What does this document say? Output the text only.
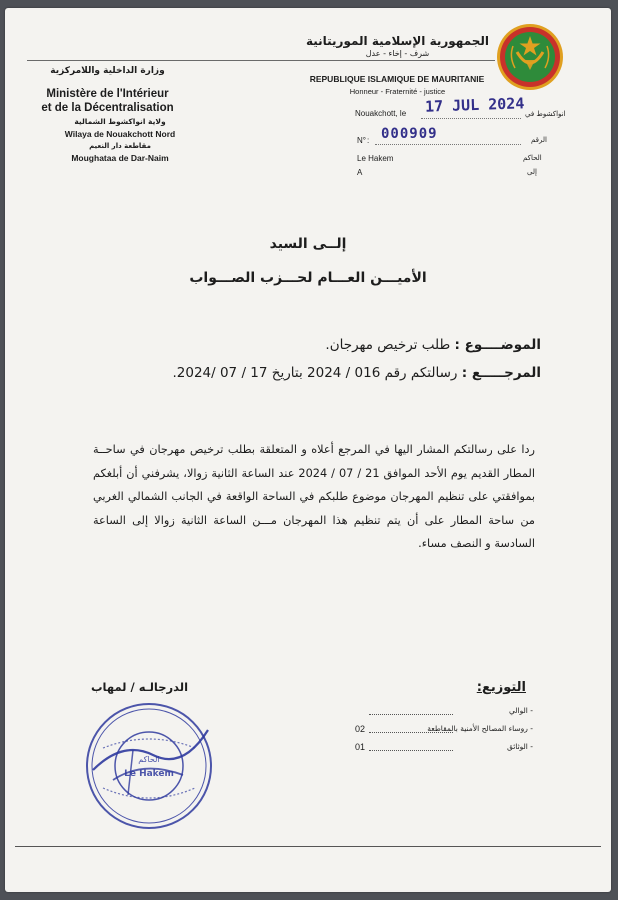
وزارة الداخلية واللامركزية
Ministère de l'Intérieur
et de la Décentralisation
ولاية انواكشوط الشمالية
Wilaya de Nouakchott Nord
مقاطعة دار النعيم
Moughataa de Dar-Naim
الجمهورية الإسلامية الموريتانية
شرف - إخاء - عدل
REPUBLIQUE ISLAMIQUE DE MAURITANIE
Honneur - Fraternité - justice
Nouakchott, le 17 JUL 2024 انواكشوط في
N° : 000909	الرقم
Le Hakem	الحاكم
A	إلى
إلــى السيد
الأميـــن العـــام لحـــزب الصـــواب
الموضــــوع : طلب ترخيص مهرجان.
المرجـــــع : رسالتكم رقم 016 / 2024 بتاريخ 17 / 07 /2024.
ردا على رسالتكم المشار اليها في المرجع أعلاه و المتعلقة بطلب ترخيص مهرجان في ساحــة المطار القديم يوم الأحد الموافق 21 / 07 / 2024 عند الساعة الثانية زوالا، يشرفني أن أبلغكم بموافقتي على تنظيم المهرجان موضوع طلبكم في الساحة الواقعة في الجانب الشمالي الغربي من ساحة المطار على أن يتم تنظيم هذا المهرجان مـــن الساعة الثانية زوالا إلى الساعة السادسة و النصف مساء.
الدرجالـه / لمهاب	التوزيع:
- الوالي
02	- روساء المصالح الأمنية بالمقاطعة
01	- الوثائق
الحاكم
Le Hakem
